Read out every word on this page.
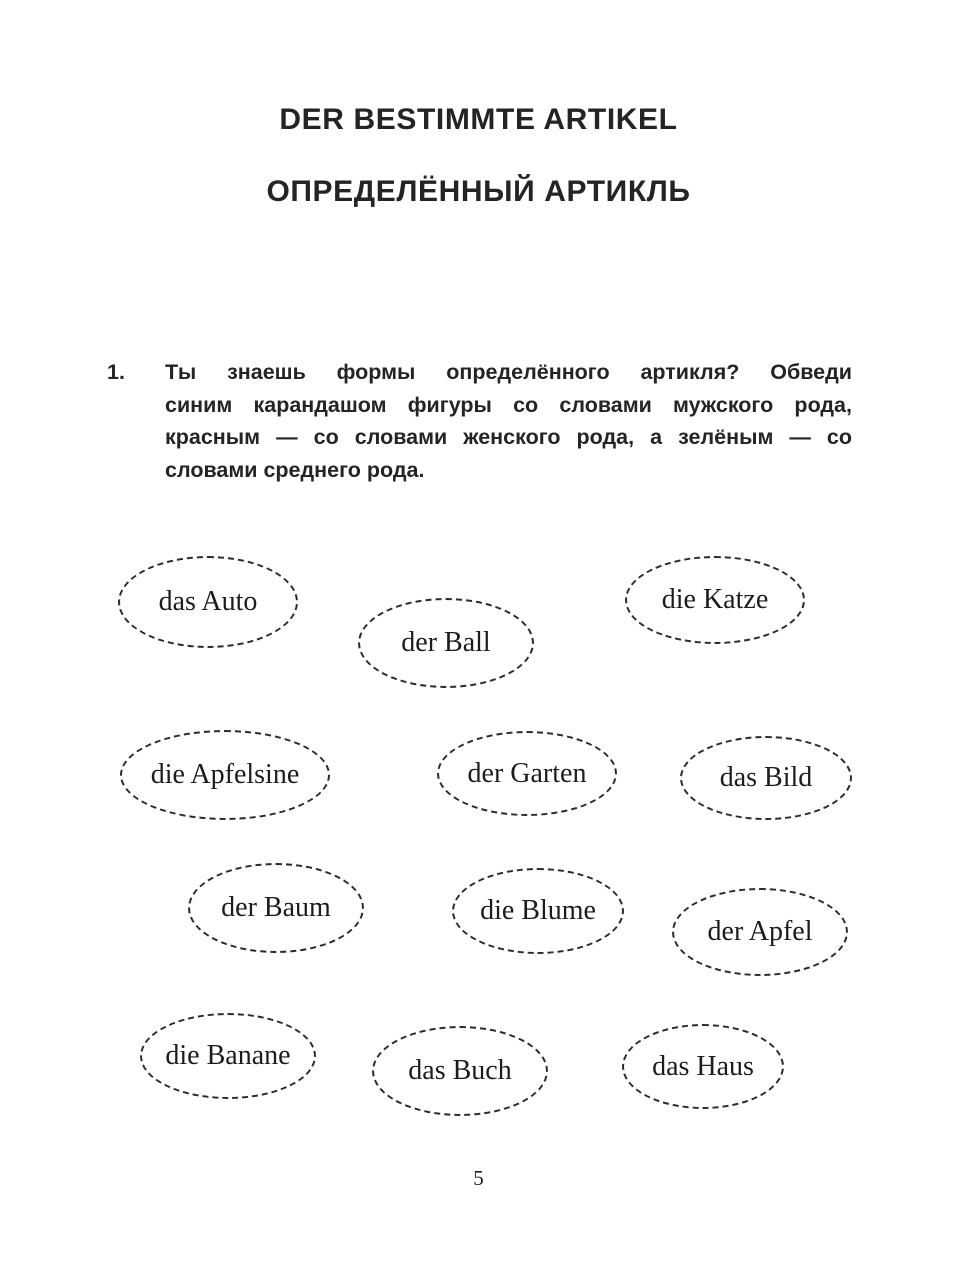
DER BESTIMMTE ARTIKEL
ОПРЕДЕЛЁННЫЙ АРТИКЛЬ
1.	Ты знаешь формы определённого артикля? Обведи
синим карандашом фигуры со словами мужского рода,
красным — со словами женского рода, а зелёным — со
словами среднего рода.
das Auto
der Ball
die Katze
die Apfelsine	der Garten	das Bild
der Baum	die Blume
der Apfel
die Banane	das Buch	das Haus
5
